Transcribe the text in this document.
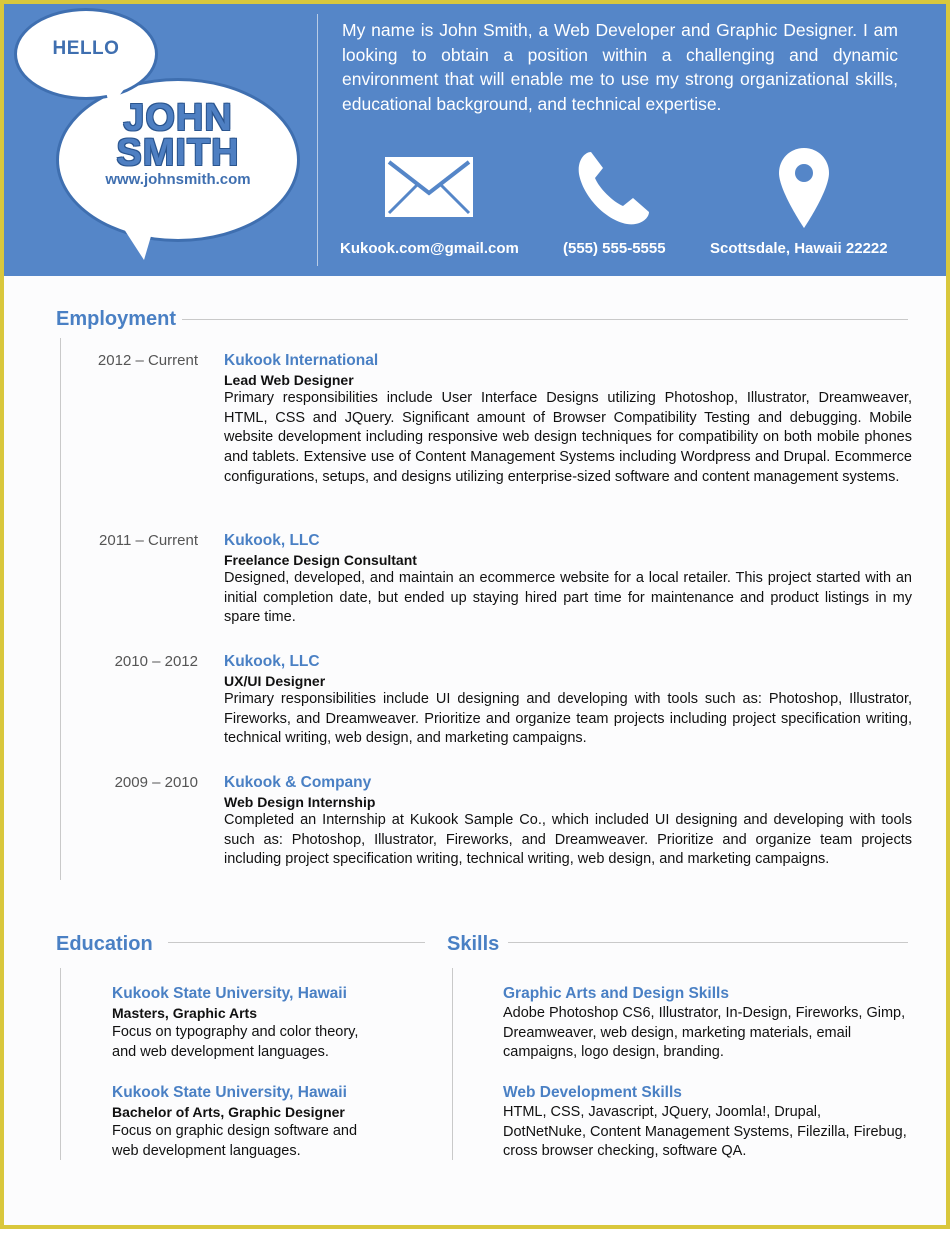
HELLO
JOHN
SMITH
www.johnsmith.com
My name is John Smith, a Web Developer and Graphic Designer. I am looking to obtain a position within a challenging and dynamic environment that will enable me to use my strong organizational skills, educational background, and technical expertise.
Kukook.com@gmail.com	(555) 555-5555	Scottsdale, Hawaii 22222
Employment
2012 – Current Kukook International
Lead Web Designer
Primary responsibilities include User Interface Designs utilizing Photoshop, Illustrator, Dreamweaver, HTML, CSS and JQuery. Significant amount of Browser Compatibility Testing and debugging. Mobile website development including responsive web design techniques for compatibility on both mobile phones and tablets. Extensive use of Content Management Systems including Wordpress and Drupal. Ecommerce configurations, setups, and designs utilizing enterprise-sized software and content management systems.
2011 – Current Kukook, LLC
Freelance Design Consultant
Designed, developed, and maintain an ecommerce website for a local retailer. This project started with an initial completion date, but ended up staying hired part time for maintenance and product listings in my spare time.
2010 – 2012 Kukook, LLC
UX/UI Designer
Primary responsibilities include UI designing and developing with tools such as: Photoshop, Illustrator, Fireworks, and Dreamweaver. Prioritize and organize team projects including project specification writing, technical writing, web design, and marketing campaigns.
2009 – 2010 Kukook & Company
Web Design Internship
Completed an Internship at Kukook Sample Co., which included UI designing and developing with tools such as: Photoshop, Illustrator, Fireworks, and Dreamweaver. Prioritize and organize team projects including project specification writing, technical writing, web design, and marketing campaigns.
Education
Kukook State University, Hawaii
Masters, Graphic Arts
Focus on typography and color theory, and web development languages.
Kukook State University, Hawaii
Bachelor of Arts, Graphic Designer
Focus on graphic design software and web development languages.
Skills
Graphic Arts and Design Skills
Adobe Photoshop CS6, Illustrator, In-Design, Fireworks, Gimp, Dreamweaver, web design, marketing materials, email campaigns, logo design, branding.
Web Development Skills
HTML, CSS, Javascript, JQuery, Joomla!, Drupal, DotNetNuke, Content Management Systems, Filezilla, Firebug, cross browser checking, software QA.
